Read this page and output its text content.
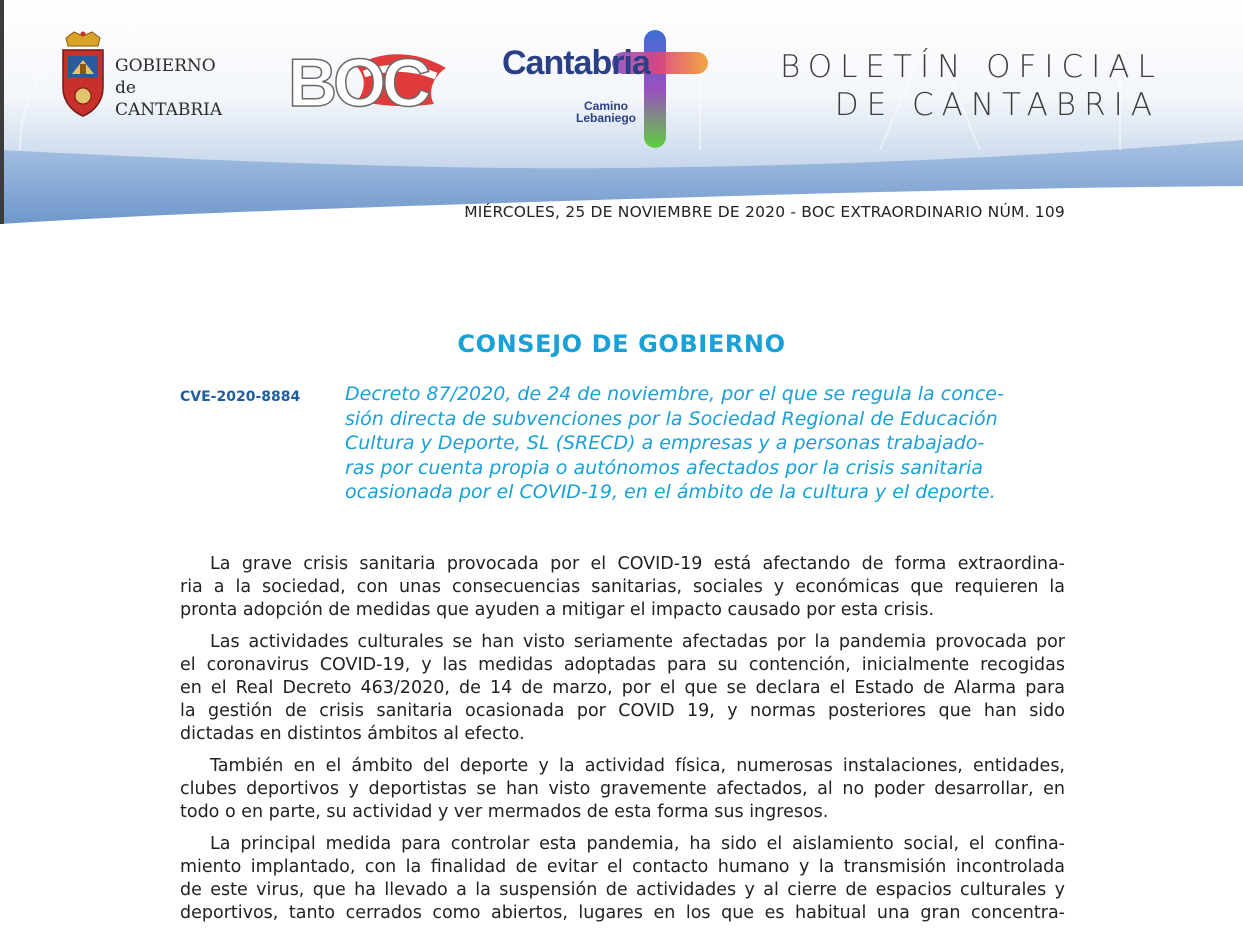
GOBIERNO
de
CANTABRIA BOC Cantabria
Camino
Lebaniego
BOLETÍN OFICIAL
DE CANTABRIA
MIÉRCOLES, 25 DE NOVIEMBRE DE 2020 - BOC EXTRAORDINARIO NÚM. 109
CONSEJO DE GOBIERNO
CVE-2020-8884 Decreto 87/2020, de 24 de noviembre, por el que se regula la conce-
sión directa de subvenciones por la Sociedad Regional de Educación
Cultura y Deporte, SL (SRECD) a empresas y a personas trabajado-
ras por cuenta propia o autónomos afectados por la crisis sanitaria
ocasionada por el COVID-19, en el ámbito de la cultura y el deporte.
La grave crisis sanitaria provocada por el COVID-19 está afectando de forma extraordina-
ria a la sociedad, con unas consecuencias sanitarias, sociales y económicas que requieren la
pronta adopción de medidas que ayuden a mitigar el impacto causado por esta crisis.
Las actividades culturales se han visto seriamente afectadas por la pandemia provocada por
el coronavirus COVID-19, y las medidas adoptadas para su contención, inicialmente recogidas
en el Real Decreto 463/2020, de 14 de marzo, por el que se declara el Estado de Alarma para
la gestión de crisis sanitaria ocasionada por COVID 19, y normas posteriores que han sido
dictadas en distintos ámbitos al efecto.
También en el ámbito del deporte y la actividad física, numerosas instalaciones, entidades,
clubes deportivos y deportistas se han visto gravemente afectados, al no poder desarrollar, en
todo o en parte, su actividad y ver mermados de esta forma sus ingresos.
La principal medida para controlar esta pandemia, ha sido el aislamiento social, el confina-
miento implantado, con la finalidad de evitar el contacto humano y la transmisión incontrolada
de este virus, que ha llevado a la suspensión de actividades y al cierre de espacios culturales y
deportivos, tanto cerrados como abiertos, lugares en los que es habitual una gran concentra-
